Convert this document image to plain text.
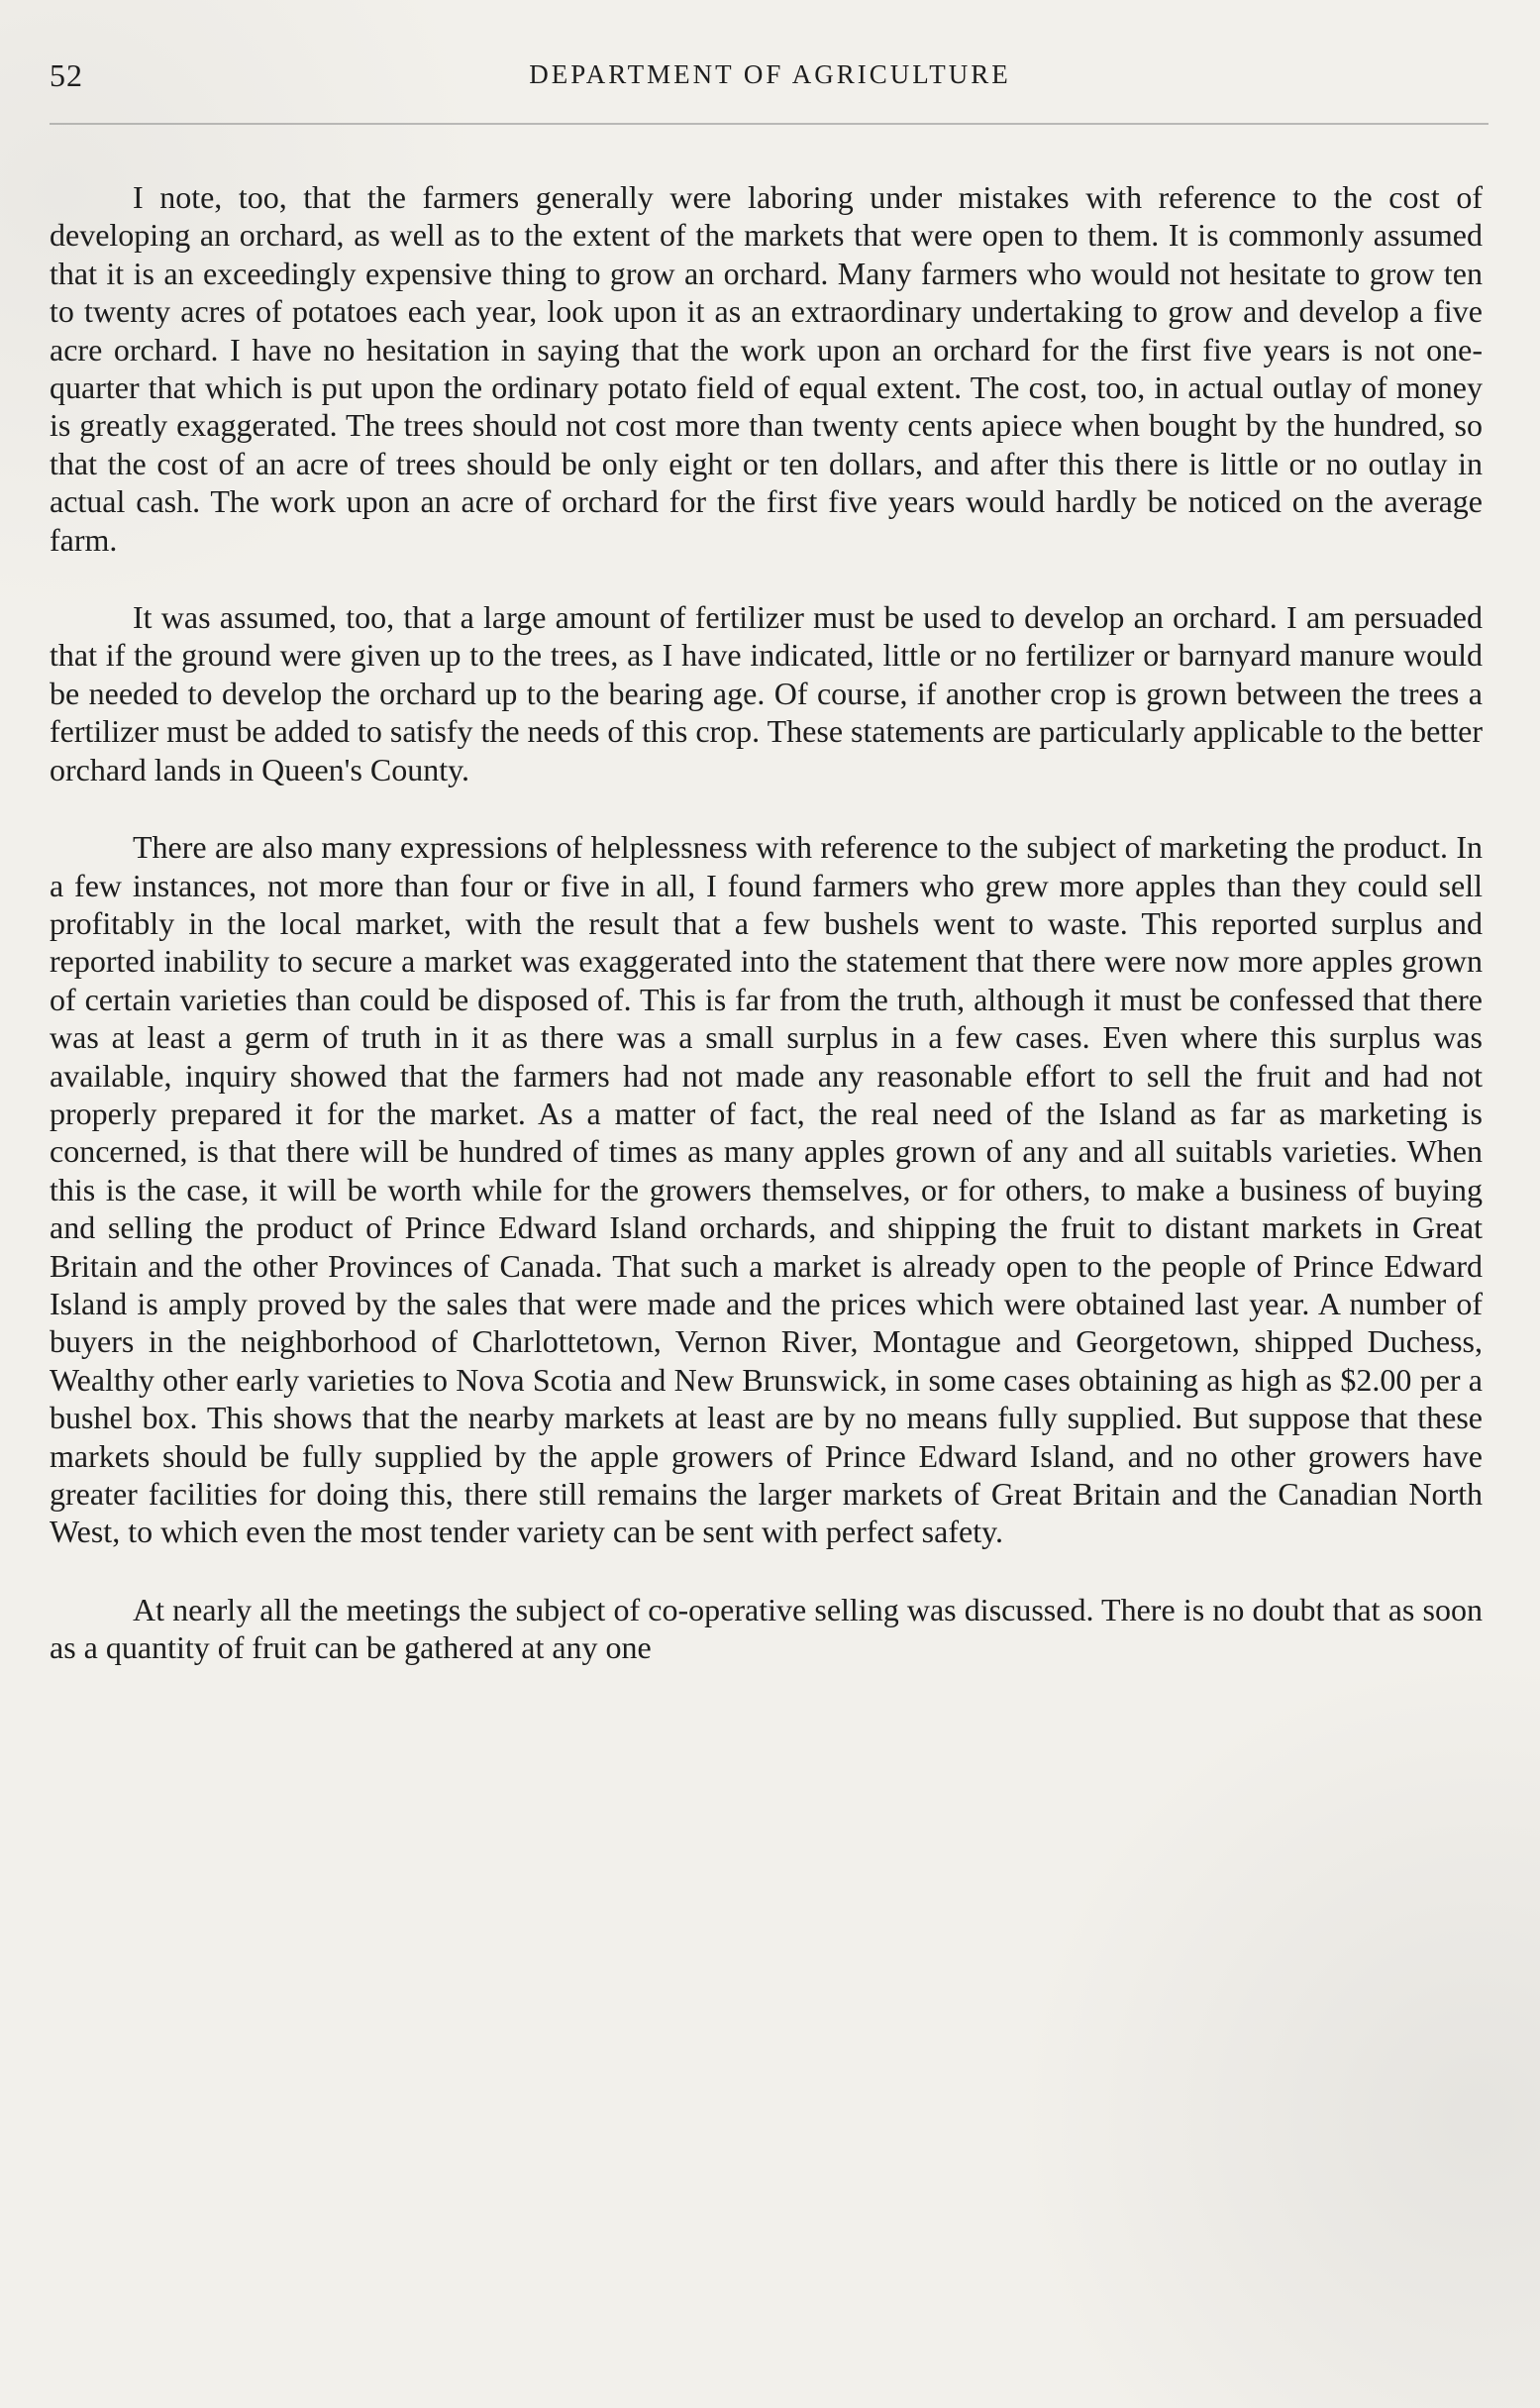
52	DEPARTMENT OF AGRICULTURE

I note, too, that the farmers generally were laboring under mistakes with reference to the cost of developing an orchard, as well as to the extent of the markets that were open to them. It is commonly assumed that it is an exceedingly expensive thing to grow an orchard. Many farmers who would not hesitate to grow ten to twenty acres of potatoes each year, look upon it as an extraordinary undertaking to grow and develop a five acre orchard. I have no hesitation in saying that the work upon an orchard for the first five years is not one-quarter that which is put upon the ordinary potato field of equal extent. The cost, too, in actual outlay of money is greatly exaggerated. The trees should not cost more than twenty cents apiece when bought by the hundred, so that the cost of an acre of trees should be only eight or ten dollars, and after this there is little or no outlay in actual cash. The work upon an acre of orchard for the first five years would hardly be noticed on the average farm.

It was assumed, too, that a large amount of fertilizer must be used to develop an orchard. I am persuaded that if the ground were given up to the trees, as I have indicated, little or no fertilizer or barnyard manure would be needed to develop the orchard up to the bearing age. Of course, if another crop is grown between the trees a fertilizer must be added to satisfy the needs of this crop. These statements are particularly applicable to the better orchard lands in Queen's County.

There are also many expressions of helplessness with reference to the subject of marketing the product. In a few instances, not more than four or five in all, I found farmers who grew more apples than they could sell profitably in the local market, with the result that a few bushels went to waste. This reported surplus and reported inability to secure a market was exaggerated into the statement that there were now more apples grown of certain varieties than could be disposed of. This is far from the truth, although it must be confessed that there was at least a germ of truth in it as there was a small surplus in a few cases. Even where this surplus was available, inquiry showed that the farmers had not made any reasonable effort to sell the fruit and had not properly prepared it for the market. As a matter of fact, the real need of the Island as far as marketing is concerned, is that there will be hundred of times as many apples grown of any and all suitabls varieties. When this is the case, it will be worth while for the growers themselves, or for others, to make a business of buying and selling the product of Prince Edward Island orchards, and shipping the fruit to distant markets in Great Britain and the other Provinces of Canada. That such a market is already open to the people of Prince Edward Island is amply proved by the sales that were made and the prices which were obtained last year. A number of buyers in the neighborhood of Charlottetown, Vernon River, Montague and Georgetown, shipped Duchess, Wealthy other early varieties to Nova Scotia and New Brunswick, in some cases obtaining as high as $2.00 per a bushel box. This shows that the nearby markets at least are by no means fully supplied. But suppose that these markets should be fully supplied by the apple growers of Prince Edward Island, and no other growers have greater facilities for doing this, there still remains the larger markets of Great Britain and the Canadian North West, to which even the most tender variety can be sent with perfect safety.

At nearly all the meetings the subject of co-operative selling was discussed. There is no doubt that as soon as a quantity of fruit can be gathered at any one
